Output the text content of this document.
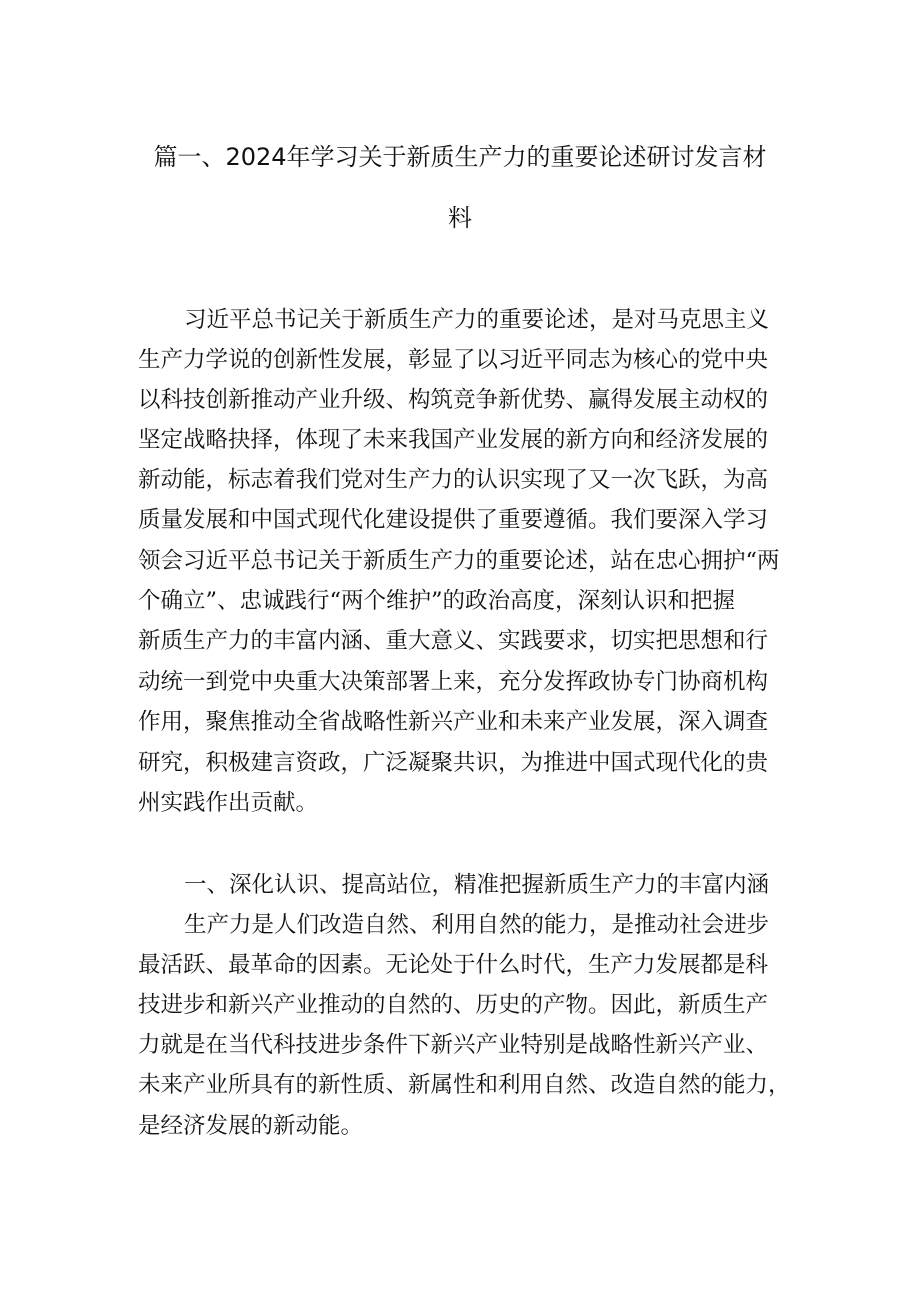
篇一、2024年学习关于新质生产力的重要论述研讨发言材
料
习近平总书记关于新质生产力的重要论述，是对马克思主义
生产力学说的创新性发展，彰显了以习近平同志为核心的党中央
以科技创新推动产业升级、构筑竞争新优势、赢得发展主动权的
坚定战略抉择，体现了未来我国产业发展的新方向和经济发展的
新动能，标志着我们党对生产力的认识实现了又一次飞跃，为高
质量发展和中国式现代化建设提供了重要遵循。我们要深入学习
领会习近平总书记关于新质生产力的重要论述，站在忠心拥护“两
个确立”、忠诚践行“两个维护”的政治高度，深刻认识和把握
新质生产力的丰富内涵、重大意义、实践要求，切实把思想和行
动统一到党中央重大决策部署上来，充分发挥政协专门协商机构
作用，聚焦推动全省战略性新兴产业和未来产业发展，深入调查
研究，积极建言资政，广泛凝聚共识，为推进中国式现代化的贵
州实践作出贡献。
一、深化认识、提高站位，精准把握新质生产力的丰富内涵
生产力是人们改造自然、利用自然的能力，是推动社会进步
最活跃、最革命的因素。无论处于什么时代，生产力发展都是科
技进步和新兴产业推动的自然的、历史的产物。因此，新质生产
力就是在当代科技进步条件下新兴产业特别是战略性新兴产业、
未来产业所具有的新性质、新属性和利用自然、改造自然的能力，
是经济发展的新动能。
